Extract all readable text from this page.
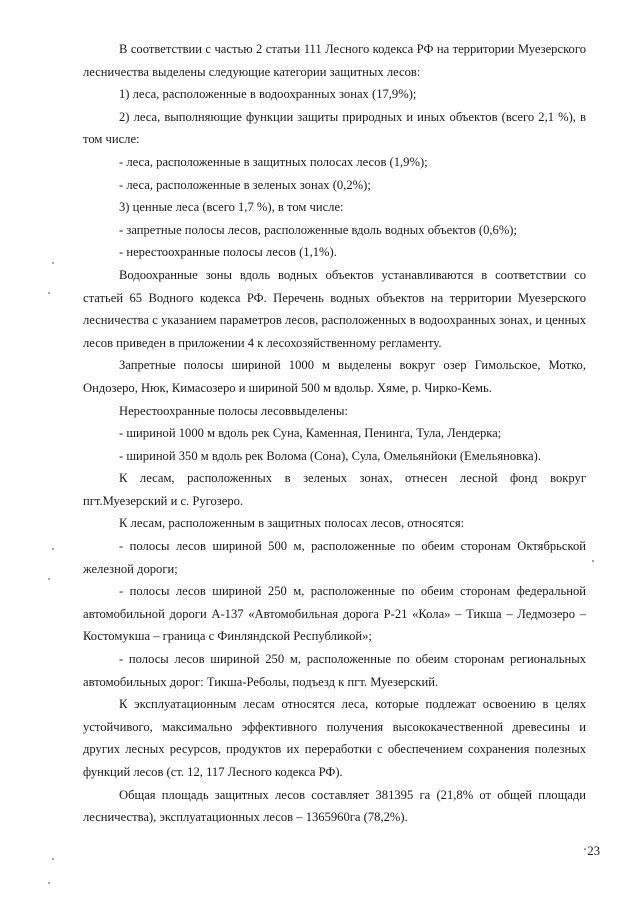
В соответствии с частью 2 статьи 111 Лесного кодекса РФ на территории Муезерского лесничества выделены следующие категории защитных лесов:

1) леса, расположенные в водоохранных зонах (17,9%);

2) леса, выполняющие функции защиты природных и иных объектов (всего 2,1 %), в том числе:

- леса, расположенные в защитных полосах лесов (1,9%);

- леса, расположенные в зеленых зонах (0,2%);

3) ценные леса (всего 1,7 %), в том числе:

- запретные полосы лесов, расположенные вдоль водных объектов (0,6%);

- нерестоохранные полосы лесов (1,1%).

Водоохранные зоны вдоль водных объектов устанавливаются в соответствии со статьей 65 Водного кодекса РФ. Перечень водных объектов на территории Муезерского лесничества с указанием параметров лесов, расположенных в водоохранных зонах, и ценных лесов приведен в приложении 4 к лесохозяйственному регламенту.

Запретные полосы шириной 1000 м выделены вокруг озер Гимольское, Мотко, Ондозеро, Нюк, Кимасозеро и шириной 500 м вдольр. Хяме, р. Чирко-Кемь.

Нерестоохранные полосы лесоввыделены:

- шириной 1000 м вдоль рек Суна, Каменная, Пенинга, Тула, Лендерка;

- шириной 350 м вдоль рек Волома (Сона), Сула, Омельянйоки (Емельяновка).

К лесам, расположенных в зеленых зонах, отнесен лесной фонд вокруг пгт.Муезерский и с. Ругозеро.

К лесам, расположенным в защитных полосах лесов, относятся:

- полосы лесов шириной 500 м, расположенные по обеим сторонам Октябрьской железной дороги;

- полосы лесов шириной 250 м, расположенные по обеим сторонам федеральной автомобильной дороги А-137 «Автомобильная дорога Р-21 «Кола» – Тикша – Ледмозеро – Костомукша – граница с Финляндской Республикой»;

- полосы лесов шириной 250 м, расположенные по обеим сторонам региональных автомобильных дорог: Тикша-Реболы, подъезд к пгт. Муезерский.

К эксплуатационным лесам относятся леса, которые подлежат освоению в целях устойчивого, максимально эффективного получения высококачественной древесины и других лесных ресурсов, продуктов их переработки с обеспечением сохранения полезных функций лесов (ст. 12, 117 Лесного кодекса РФ).

Общая площадь защитных лесов составляет 381395 га (21,8% от общей площади лесничества), эксплуатационных лесов – 1365960га (78,2%).

23
